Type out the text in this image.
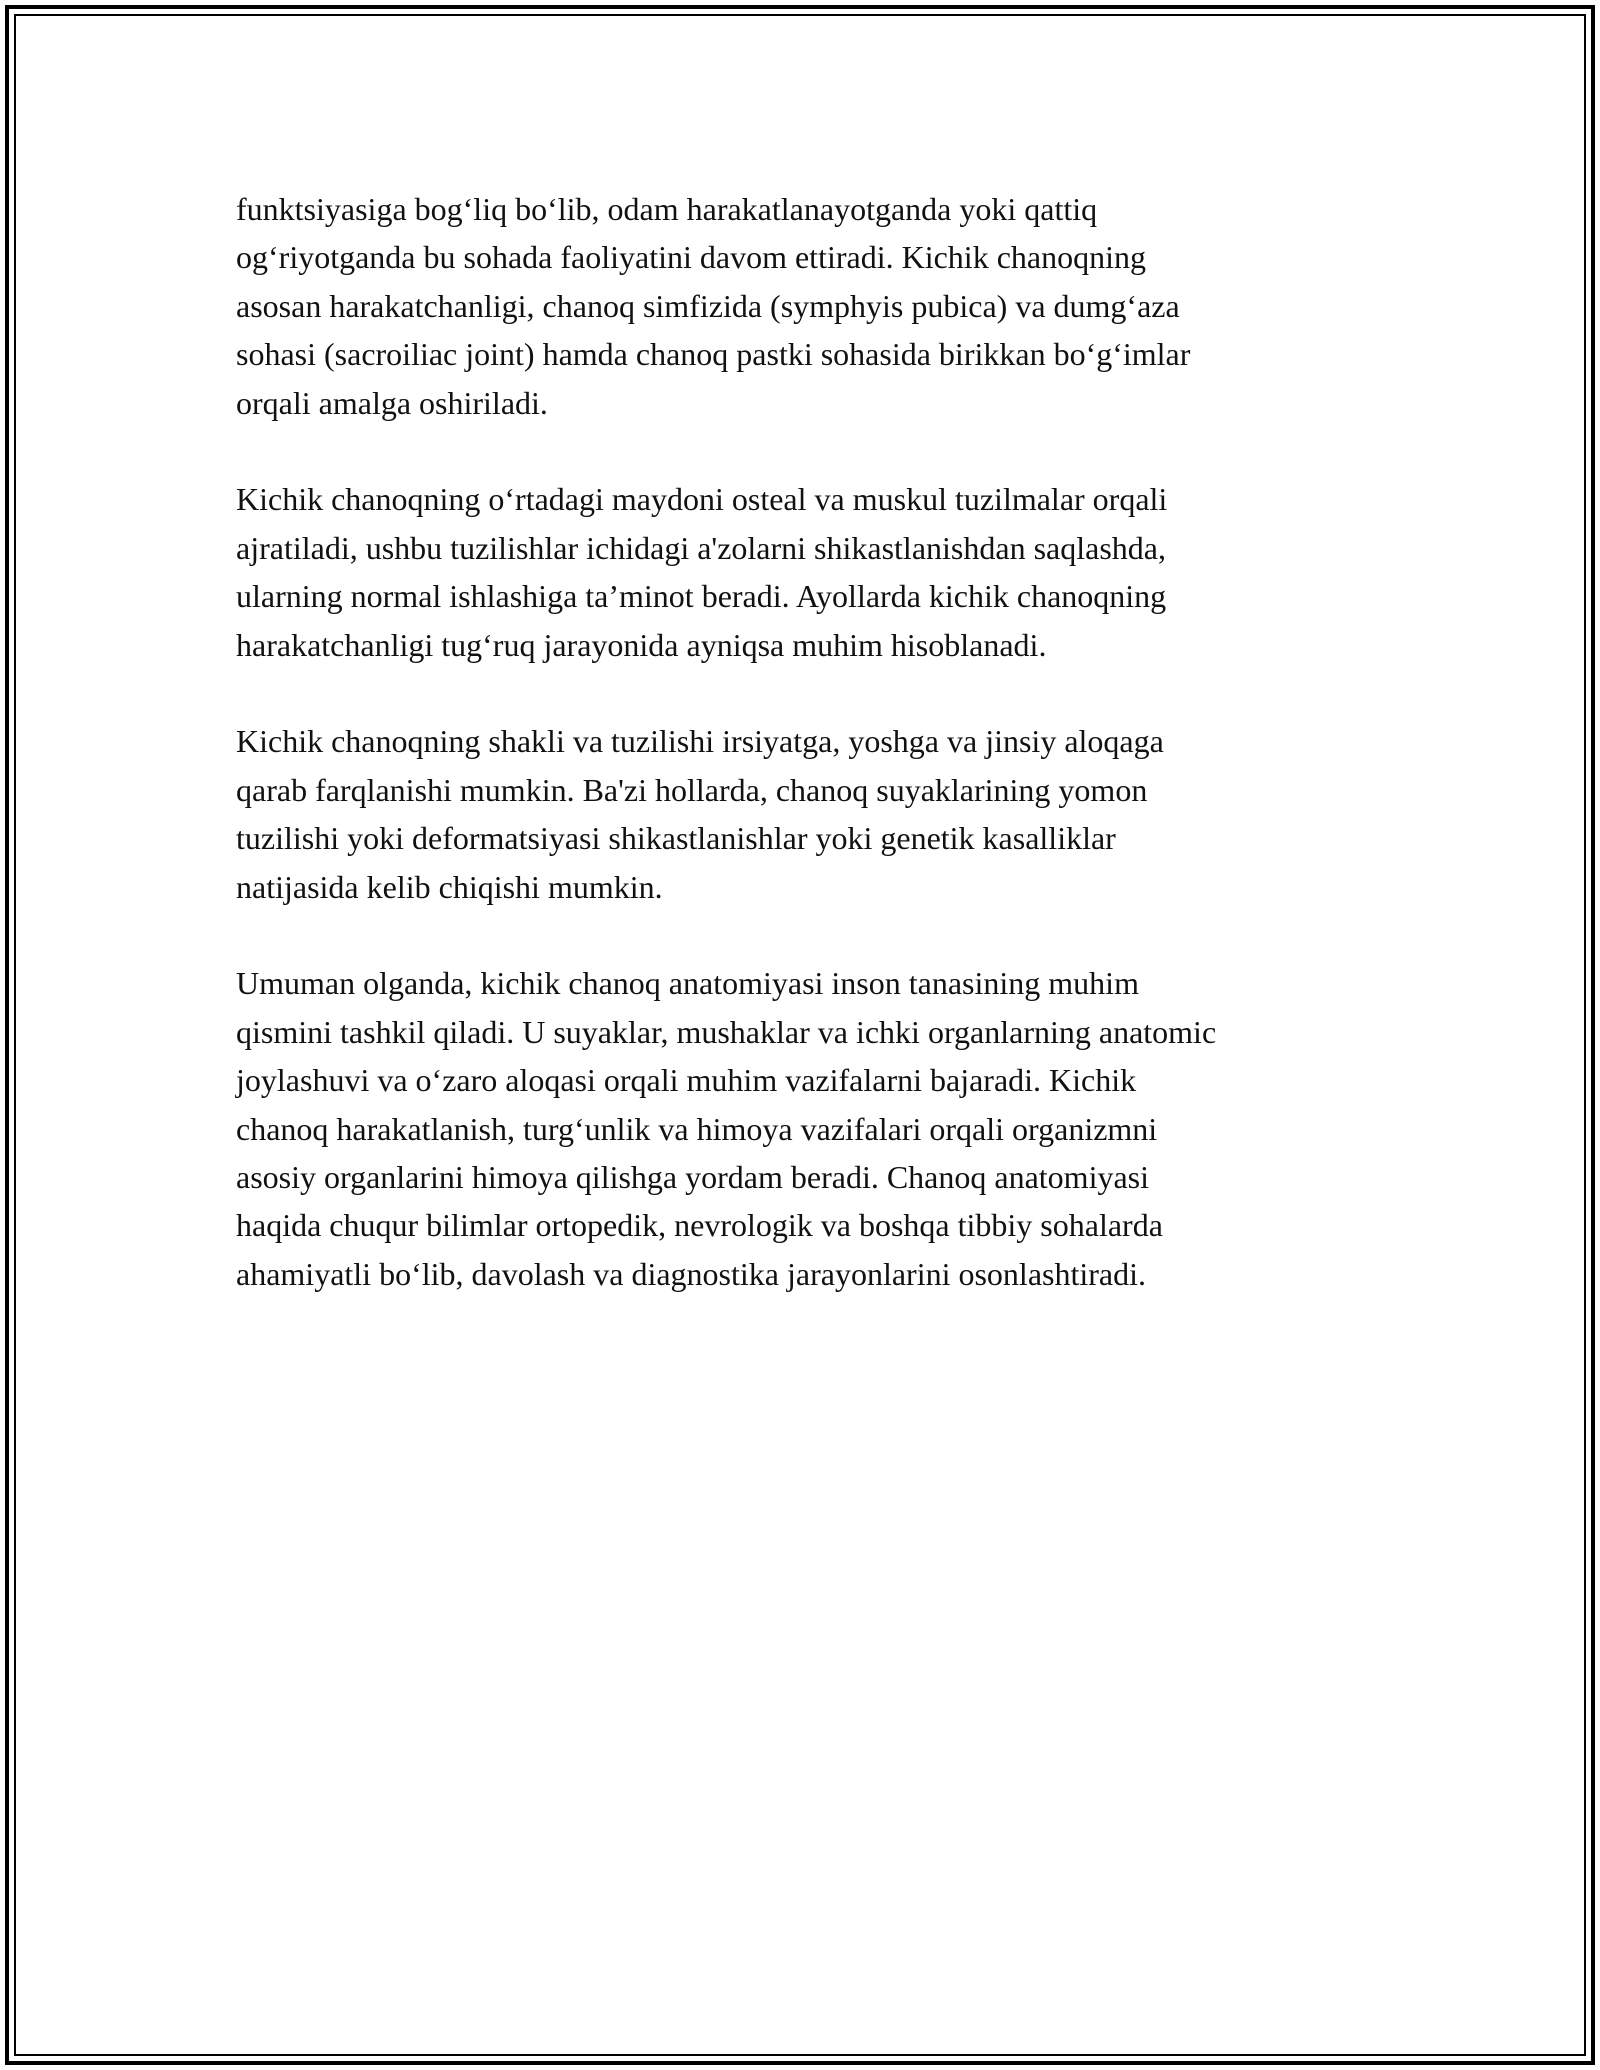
funktsiyasiga bog‘liq bo‘lib, odam harakatlanayotganda yoki qattiq
og‘riyotganda bu sohada faoliyatini davom ettiradi. Kichik chanoqning
asosan harakatchanligi, chanoq simfizida (symphyis pubica) va dumg‘aza
sohasi (sacroiliac joint) hamda chanoq pastki sohasida birikkan bo‘g‘imlar
orqali amalga oshiriladi.

Kichik chanoqning o‘rtadagi maydoni osteal va muskul tuzilmalar orqali
ajratiladi, ushbu tuzilishlar ichidagi a'zolarni shikastlanishdan saqlashda,
ularning normal ishlashiga ta’minot beradi. Ayollarda kichik chanoqning
harakatchanligi tug‘ruq jarayonida ayniqsa muhim hisoblanadi.

Kichik chanoqning shakli va tuzilishi irsiyatga, yoshga va jinsiy aloqaga
qarab farqlanishi mumkin. Ba'zi hollarda, chanoq suyaklarining yomon
tuzilishi yoki deformatsiyasi shikastlanishlar yoki genetik kasalliklar
natijasida kelib chiqishi mumkin.

Umuman olganda, kichik chanoq anatomiyasi inson tanasining muhim
qismini tashkil qiladi. U suyaklar, mushaklar va ichki organlarning anatomic
joylashuvi va o‘zaro aloqasi orqali muhim vazifalarni bajaradi. Kichik
chanoq harakatlanish, turg‘unlik va himoya vazifalari orqali organizmni
asosiy organlarini himoya qilishga yordam beradi. Chanoq anatomiyasi
haqida chuqur bilimlar ortopedik, nevrologik va boshqa tibbiy sohalarda
ahamiyatli bo‘lib, davolash va diagnostika jarayonlarini osonlashtiradi.
